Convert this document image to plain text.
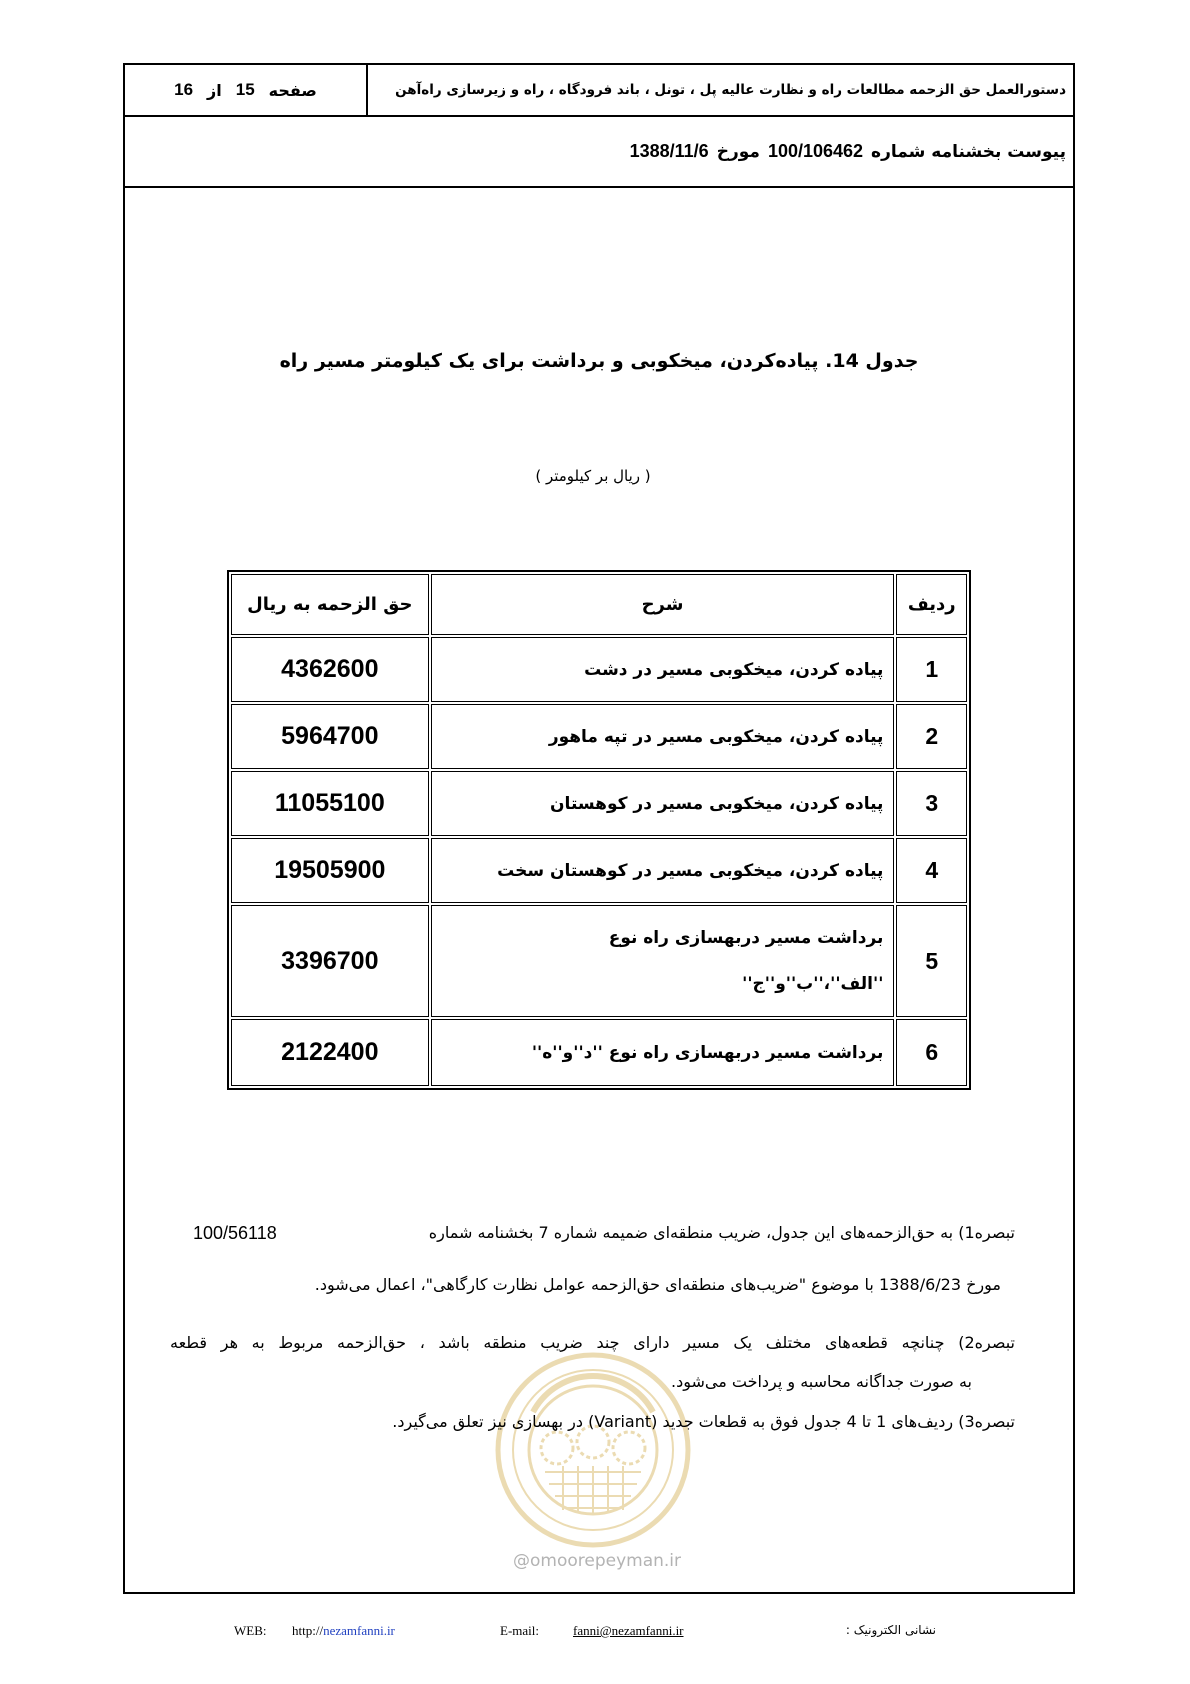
صفحه
15
از
16	دستورالعمل حق الزحمه مطالعات راه و نظارت عالیه پل ، تونل ، باند فرودگاه ، راه و زیرسازی راه‌آهن
پیوست بخشنامه شماره
100/106462
مورخ
1388/11/6
جدول 14. پیاده‌کردن، میخکوبی و برداشت برای یک کیلومتر مسیر راه
( ریال بر کیلومتر )
ردیف	شرح	حق الزحمه به ریال

1	پیاده کردن، میخکوبی مسیر در دشت	4362600
2	پیاده کردن، میخکوبی مسیر در تپه ماهور	5964700
3	پیاده کردن، میخکوبی مسیر در کوهستان	11055100
4	پیاده کردن، میخکوبی مسیر در کوهستان سخت	19505900
5	برداشت مسیر دربهسازی راه نوع
''الف''،''ب''و''ج''	3396700
6	برداشت مسیر دربهسازی راه نوع ''د''و''ه''	2122400
@omoorepeyman.ir
تبصره1) به حق‌الزحمه‌های این جدول، ضریب منطقه‌ای ضمیمه شماره 7 بخشنامه شماره
100/56118
مورخ 1388/6/23 با موضوع "ضریب‌های منطقه‌ای حق‌الزحمه عوامل نظارت کارگاهی"، اعمال می‌شود.
تبصره2) چنانچه قطعه‌های مختلف یک مسیر دارای چند ضریب منطقه باشد ، حق‌الزحمه مربوط به هر قطعه
به صورت جداگانه محاسبه و پرداخت می‌شود.
تبصره3) ردیف‌های 1 تا 4 جدول فوق به قطعات جدید (Variant) در بهسازی نیز تعلق می‌گیرد.
WEB: http://nezamfanni.ir	E-mail:	fanni@nezamfanni.ir	نشانی الکترونیک :
